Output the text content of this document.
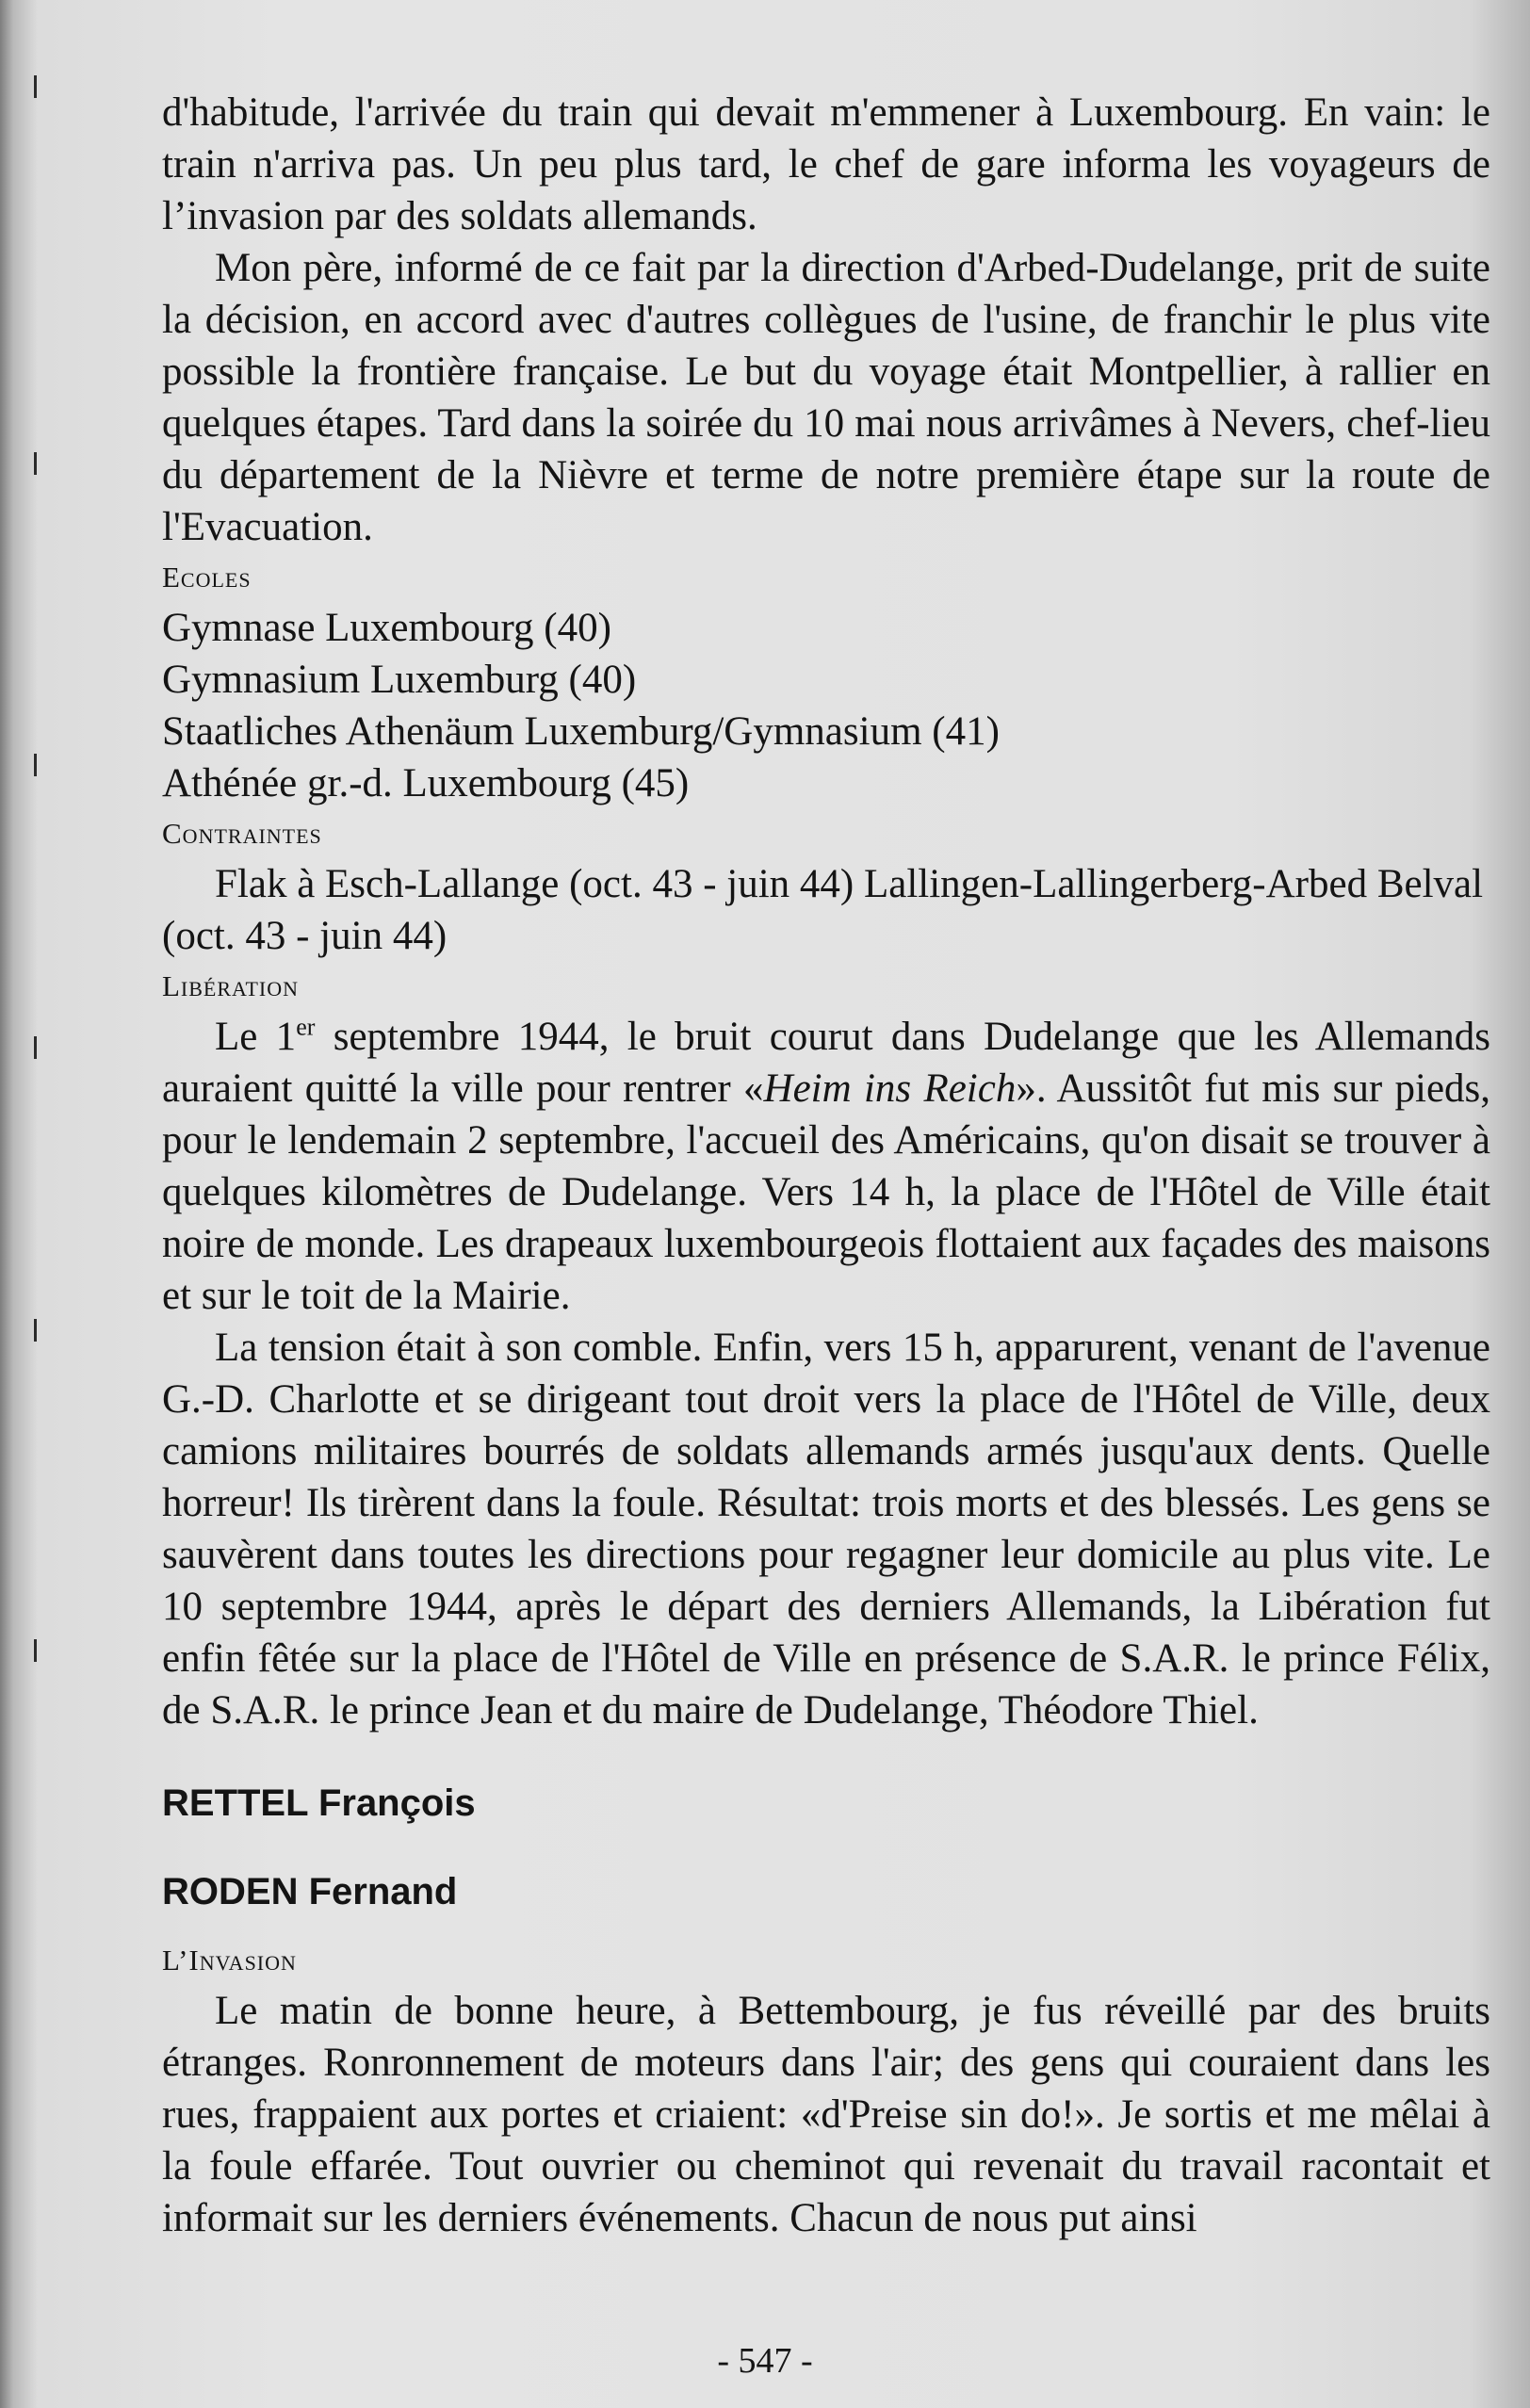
d'habitude, l'arrivée du train qui devait m'emmener à Luxembourg. En vain: le train n'arriva pas. Un peu plus tard, le chef de gare informa les voyageurs de l’invasion par des soldats allemands.

Mon père, informé de ce fait par la direction d'Arbed-Dudelange, prit de suite la décision, en accord avec d'autres collègues de l'usine, de franchir le plus vite possible la frontière française. Le but du voyage était Montpellier, à rallier en quelques étapes. Tard dans la soirée du 10 mai nous arrivâmes à Nevers, chef-lieu du département de la Nièvre et terme de notre première étape sur la route de l'Evacuation.

Ecoles

Gymnase Luxembourg (40)

Gymnasium Luxemburg (40)

Staatliches Athenäum Luxemburg/Gymnasium (41)

Athénée gr.-d. Luxembourg (45)

Contraintes

Flak à Esch-Lallange (oct. 43 - juin 44) Lallingen-Lallingerberg-Arbed Belval (oct. 43 - juin 44)

Libération

Le 1er septembre 1944, le bruit courut dans Dudelange que les Allemands auraient quitté la ville pour rentrer «Heim ins Reich». Aussitôt fut mis sur pieds, pour le lendemain 2 septembre, l'accueil des Américains, qu'on disait se trouver à quelques kilomètres de Dudelange. Vers 14 h, la place de l'Hôtel de Ville était noire de monde. Les drapeaux luxembourgeois flottaient aux façades des maisons et sur le toit de la Mairie.

La tension était à son comble. Enfin, vers 15 h, apparurent, venant de l'avenue G.-D. Charlotte et se dirigeant tout droit vers la place de l'Hôtel de Ville, deux camions militaires bourrés de soldats allemands armés jusqu'aux dents. Quelle horreur! Ils tirèrent dans la foule. Résultat: trois morts et des blessés. Les gens se sauvèrent dans toutes les directions pour regagner leur domicile au plus vite. Le 10 septembre 1944, après le départ des derniers Allemands, la Libération fut enfin fêtée sur la place de l'Hôtel de Ville en présence de S.A.R. le prince Félix, de S.A.R. le prince Jean et du maire de Dudelange, Théodore Thiel.

RETTEL François

RODEN Fernand

L’Invasion

Le matin de bonne heure, à Bettembourg, je fus réveillé par des bruits étranges. Ronronnement de moteurs dans l'air; des gens qui couraient dans les rues, frappaient aux portes et criaient: «d'Preise sin do!». Je sortis et me mêlai à la foule effarée. Tout ouvrier ou cheminot qui revenait du travail racontait et informait sur les derniers événements. Chacun de nous put ainsi

- 547 -
